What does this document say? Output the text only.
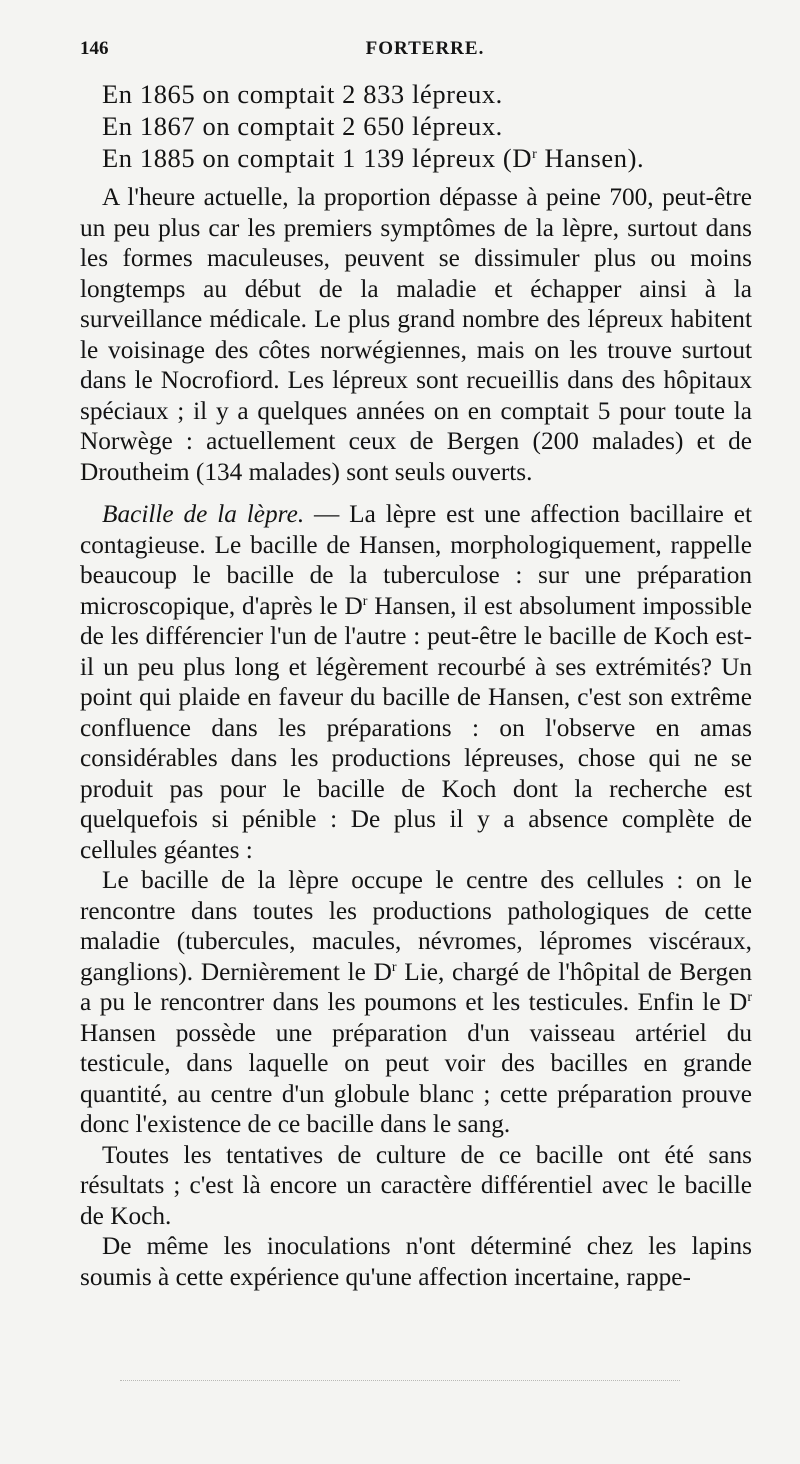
146	FORTERRE.
En 1865 on comptait 2 833 lépreux.
En 1867 on comptait 2 650 lépreux.
En 1885 on comptait 1 139 lépreux ($D^r$ Hansen).

A l'heure actuelle, la proportion dépasse à peine 700, peut-être un peu plus car les premiers symptômes de la lèpre, surtout dans les formes maculeuses, peuvent se dissimuler plus ou moins longtemps au début de la maladie et échapper ainsi à la surveillance médicale. Le plus grand nombre des lépreux habitent le voisinage des côtes norwégiennes, mais on les trouve surtout dans le Nocrofiord. Les lépreux sont recueillis dans des hôpitaux spéciaux ; il y a quelques années on en comptait 5 pour toute la Norwège : actuellement ceux de Bergen (200 malades) et de Droutheim (134 malades) sont seuls ouverts.

Bacille de la lèpre. — La lèpre est une affection bacillaire et contagieuse. Le bacille de Hansen, morphologiquement, rappelle beaucoup le bacille de la tuberculose : sur une préparation microscopique, d'après le $D^r$ Hansen, il est absolument impossible de les différencier l'un de l'autre : peut-être le bacille de Koch est-il un peu plus long et légèrement recourbé à ses extrémités? Un point qui plaide en faveur du bacille de Hansen, c'est son extrême confluence dans les préparations : on l'observe en amas considérables dans les productions lépreuses, chose qui ne se produit pas pour le bacille de Koch dont la recherche est quelquefois si pénible : De plus il y a absence complète de cellules géantes :

Le bacille de la lèpre occupe le centre des cellules : on le rencontre dans toutes les productions pathologiques de cette maladie (tubercules, macules, névromes, lépromes viscéraux, ganglions). Dernièrement le $D^r$ Lie, chargé de l'hôpital de Bergen a pu le rencontrer dans les poumons et les testicules. Enfin le $D^r$ Hansen possède une préparation d'un vaisseau artériel du testicule, dans laquelle on peut voir des bacilles en grande quantité, au centre d'un globule blanc ; cette préparation prouve donc l'existence de ce bacille dans le sang.

Toutes les tentatives de culture de ce bacille ont été sans résultats ; c'est là encore un caractère différentiel avec le bacille de Koch.

De même les inoculations n'ont déterminé chez les lapins soumis à cette expérience qu'une affection incertaine, rappe-
